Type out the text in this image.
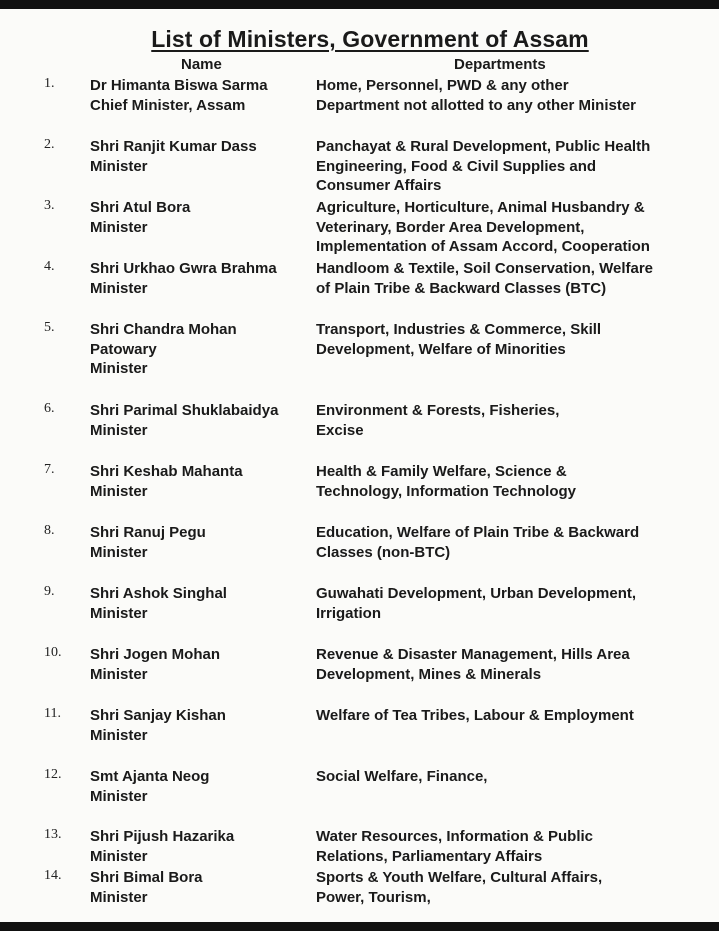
List of Ministers, Government of Assam
Name	Departments
1. Dr Himanta Biswa Sarma
Chief Minister, Assam
Home, Personnel, PWD & any other
Department not allotted to any other Minister
2. Shri Ranjit Kumar Dass
Minister
Panchayat & Rural Development, Public Health
Engineering, Food & Civil Supplies and
Consumer Affairs
3. Shri Atul Bora
Minister
Agriculture, Horticulture, Animal Husbandry &
Veterinary, Border Area Development,
Implementation of Assam Accord, Cooperation
4. Shri Urkhao Gwra Brahma
Minister
Handloom & Textile, Soil Conservation, Welfare
of Plain Tribe & Backward Classes (BTC)
5. Shri Chandra Mohan
Patowary
Minister
Transport, Industries & Commerce, Skill
Development, Welfare of Minorities
6. Shri Parimal Shuklabaidya
Minister
Environment & Forests, Fisheries,
Excise
7. Shri Keshab Mahanta
Minister
Health & Family Welfare, Science &
Technology, Information Technology
8. Shri Ranuj Pegu
Minister
Education, Welfare of Plain Tribe & Backward
Classes (non-BTC)
9. Shri Ashok Singhal
Minister
Guwahati Development, Urban Development,
Irrigation
10. Shri Jogen Mohan
Minister
Revenue & Disaster Management, Hills Area
Development, Mines & Minerals
11. Shri Sanjay Kishan
Minister
Welfare of Tea Tribes, Labour & Employment
12. Smt Ajanta Neog
Minister
Social Welfare, Finance,
13. Shri Pijush Hazarika
Minister
Water Resources, Information & Public
Relations, Parliamentary Affairs
14. Shri Bimal Bora
Minister
Sports & Youth Welfare, Cultural Affairs,
Power, Tourism,
